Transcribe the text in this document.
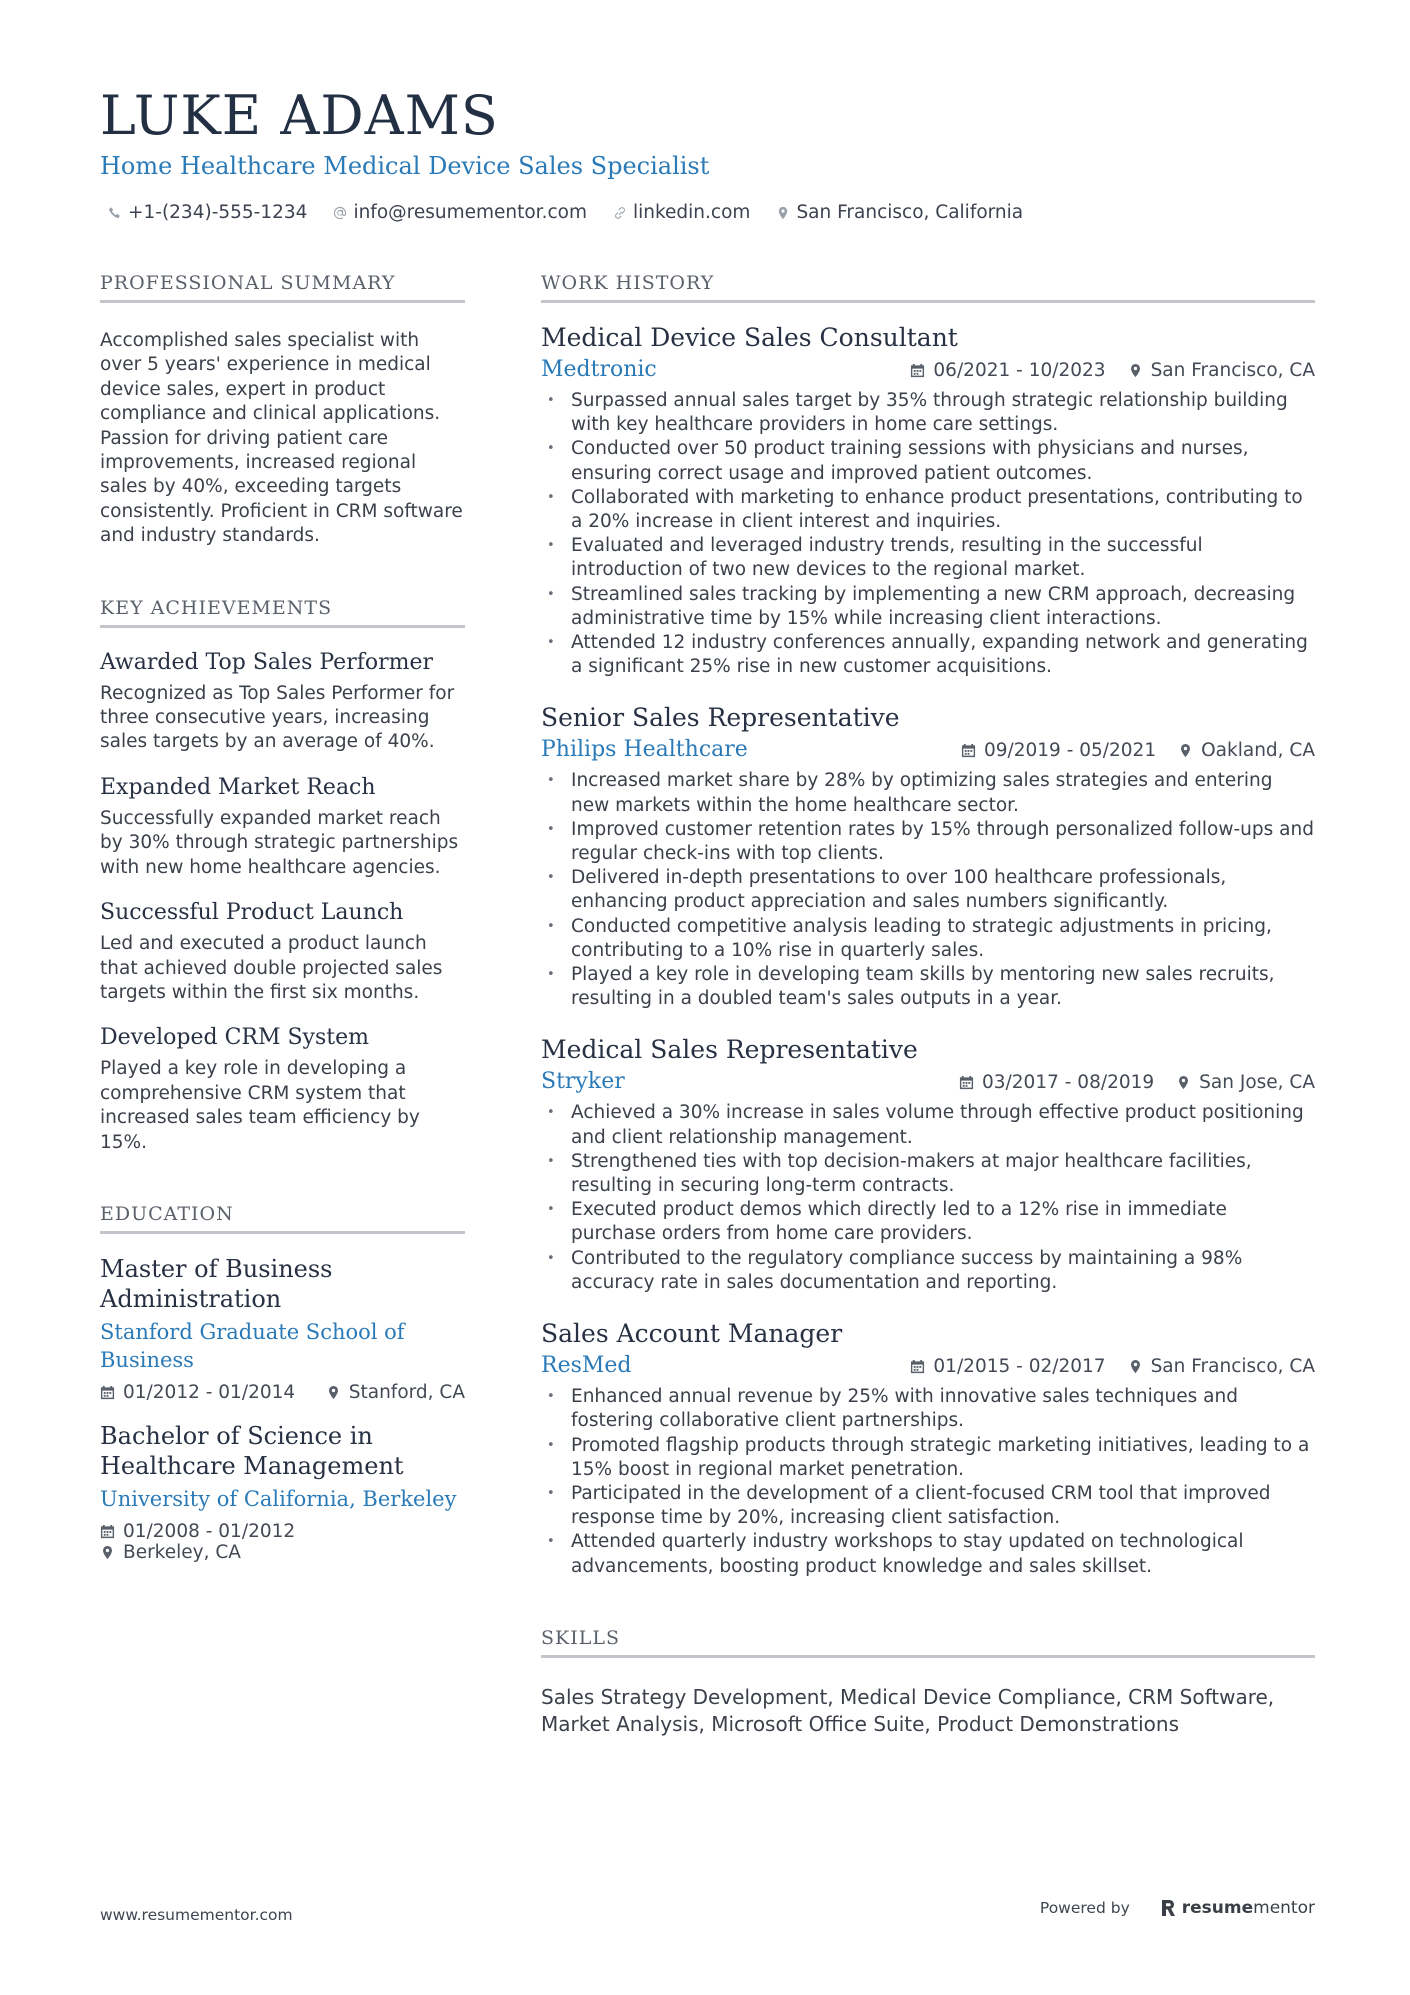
LUKE ADAMS
Home Healthcare Medical Device Sales Specialist
+1-(234)-555-1234 info@resumementor.com linkedin.com San Francisco, California
PROFESSIONAL SUMMARY

Accomplished sales specialist with over 5 years' experience in medical device sales, expert in product compliance and clinical applications. Passion for driving patient care improvements, increased regional sales by 40%, exceeding targets consistently. Proficient in CRM software and industry standards.

KEY ACHIEVEMENTS
Awarded Top Sales Performer
Recognized as Top Sales Performer for three consecutive years, increasing sales targets by an average of 40%.
Expanded Market Reach
Successfully expanded market reach by 30% through strategic partnerships with new home healthcare agencies.
Successful Product Launch
Led and executed a product launch that achieved double projected sales targets within the first six months.
Developed CRM System
Played a key role in developing a comprehensive CRM system that increased sales team efficiency by 15%.
EDUCATION
Master of Business Administration
Stanford Graduate School of Business
01/2012 - 01/2014	Stanford, CA
Bachelor of Science in Healthcare Management
University of California, Berkeley
01/2008 - 01/2012
Berkeley, CA
WORK HISTORY
Medical Device Sales Consultant
Medtronic	06/2021 - 10/2023 San Francisco, CA
• Surpassed annual sales target by 35% through strategic relationship building with key healthcare providers in home care settings.
• Conducted over 50 product training sessions with physicians and nurses, ensuring correct usage and improved patient outcomes.
• Collaborated with marketing to enhance product presentations, contributing to a 20% increase in client interest and inquiries.
• Evaluated and leveraged industry trends, resulting in the successful introduction of two new devices to the regional market.
• Streamlined sales tracking by implementing a new CRM approach, decreasing administrative time by 15% while increasing client interactions.
• Attended 12 industry conferences annually, expanding network and generating a significant 25% rise in new customer acquisitions.
Senior Sales Representative
Philips Healthcare	09/2019 - 05/2021 Oakland, CA
• Increased market share by 28% by optimizing sales strategies and entering new markets within the home healthcare sector.
• Improved customer retention rates by 15% through personalized follow-ups and regular check-ins with top clients.
• Delivered in-depth presentations to over 100 healthcare professionals, enhancing product appreciation and sales numbers significantly.
• Conducted competitive analysis leading to strategic adjustments in pricing, contributing to a 10% rise in quarterly sales.
• Played a key role in developing team skills by mentoring new sales recruits, resulting in a doubled team's sales outputs in a year.
Medical Sales Representative
Stryker	03/2017 - 08/2019 San Jose, CA
• Achieved a 30% increase in sales volume through effective product positioning and client relationship management.
• Strengthened ties with top decision-makers at major healthcare facilities, resulting in securing long-term contracts.
• Executed product demos which directly led to a 12% rise in immediate purchase orders from home care providers.
• Contributed to the regulatory compliance success by maintaining a 98% accuracy rate in sales documentation and reporting.
Sales Account Manager
ResMed	01/2015 - 02/2017 San Francisco, CA
• Enhanced annual revenue by 25% with innovative sales techniques and fostering collaborative client partnerships.
• Promoted flagship products through strategic marketing initiatives, leading to a 15% boost in regional market penetration.
• Participated in the development of a client-focused CRM tool that improved response time by 20%, increasing client satisfaction.
• Attended quarterly industry workshops to stay updated on technological advancements, boosting product knowledge and sales skillset.
SKILLS

Sales Strategy Development, Medical Device Compliance, CRM Software, Market Analysis, Microsoft Office Suite, Product Demonstrations

www.resumementor.com	Powered by	resumementor
